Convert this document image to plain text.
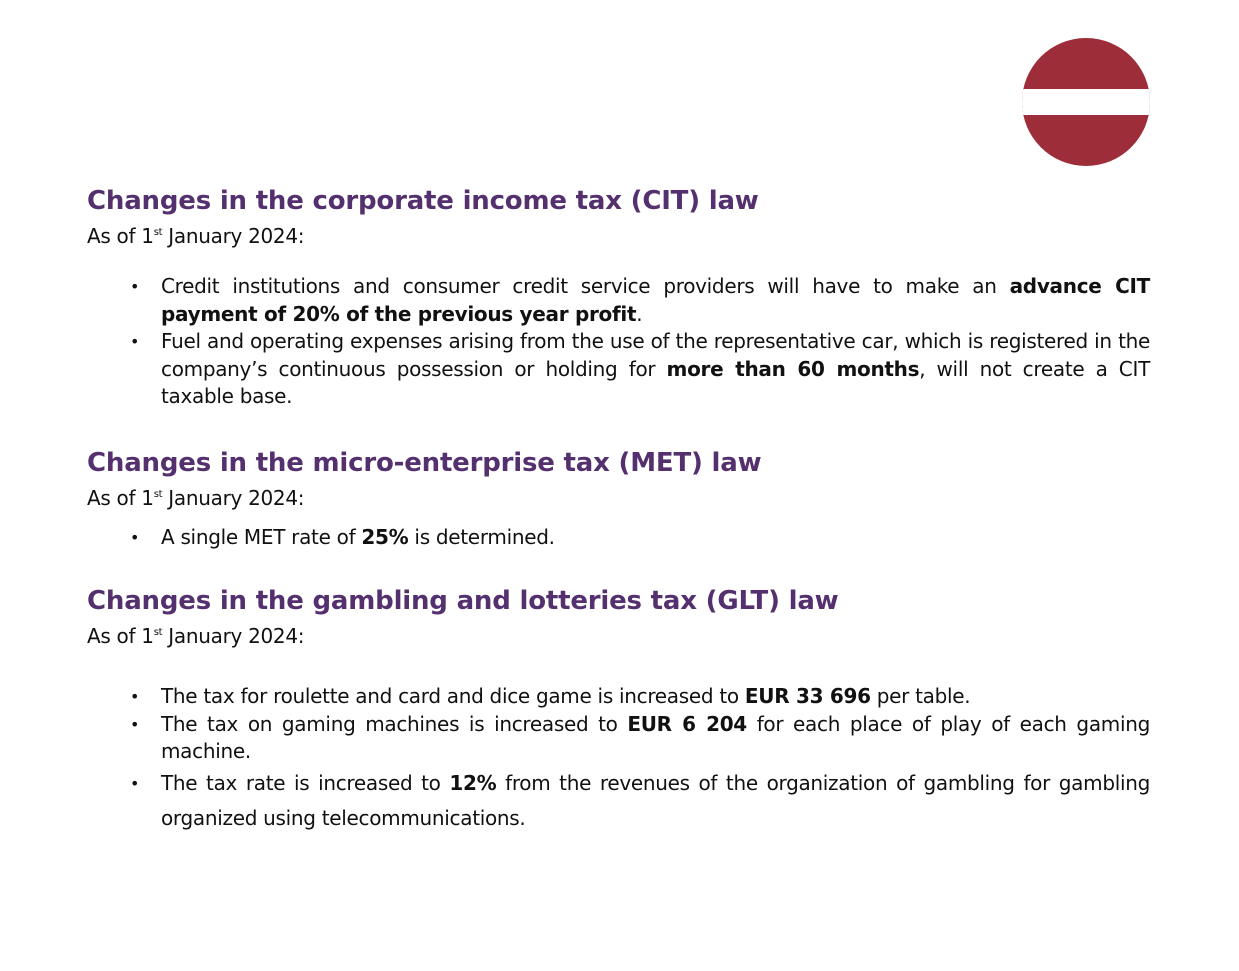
Changes in the corporate income tax (CIT) law

As of 1st January 2024:

• Credit institutions and consumer credit service providers will have to make an advance CIT payment of 20% of the previous year profit.
• Fuel and operating expenses arising from the use of the representative car, which is registered in the company’s continuous possession or holding for more than 60 months, will not create a CIT taxable base.
Changes in the micro-enterprise tax (MET) law

As of 1st January 2024:

• A single MET rate of 25% is determined.
Changes in the gambling and lotteries tax (GLT) law

As of 1st January 2024:

• The tax for roulette and card and dice game is increased to EUR 33 696 per table.
• The tax on gaming machines is increased to EUR 6 204 for each place of play of each gaming machine.
• The tax rate is increased to 12% from the revenues of the organization of gambling for gambling organized using telecommunications.
